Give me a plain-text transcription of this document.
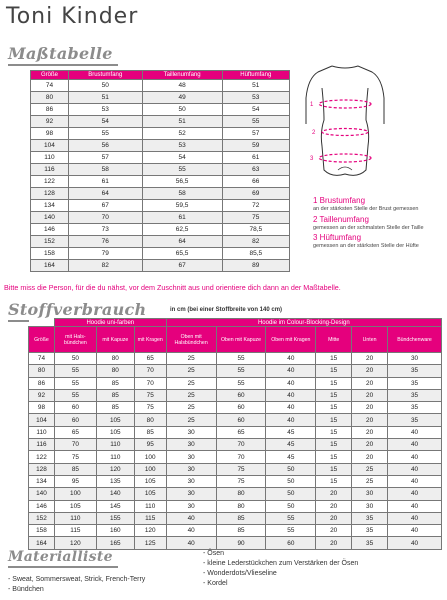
Toni Kinder
Maßtabelle
Größe	Brustumfang	Taillenumfang	Hüftumfang
74	50	48	51
80	51	49	53
86	53	50	54
92	54	51	55
98	55	52	57
104	56	53	59
110	57	54	61
116	58	55	63
122	61	56,5	66
128	64	58	69
134	67	59,5	72
140	70	61	75
146	73	62,5	78,5
152	76	64	82
158	79	65,5	85,5
164	82	67	89
1
2
3
1 Brustumfang
an der stärksten Stelle der Brust gemessen
2 Taillenumfang
gemessen an der schmalsten Stelle der Taille
3 Hüftumfang
gemessen an der stärksten Stelle der Hüfte
Bitte miss die Person, für die du nähst, vor dem Zuschnitt aus und orientiere dich dann an der Maßtabelle.
Stoffverbrauch	in cm (bei einer Stoffbreite von 140 cm)
	Hoodie uni-farben			Hoodie im Colour-Blocking-Design					
Größe	mit Hals-bündchen	mit Kapuze	mit Kragen	Oben mit Halsbündchen	Oben mit Kapuze	Oben mit Kragen	Mitte	Unten	Bündchenware
74	50	80	65	25	55	40	15	20	30
80	55	80	70	25	55	40	15	20	35
86	55	85	70	25	55	40	15	20	35
92	55	85	75	25	60	40	15	20	35
98	60	85	75	25	60	40	15	20	35
104	60	105	80	25	60	40	15	20	35
110	65	105	85	30	65	45	15	20	40
116	70	110	95	30	70	45	15	20	40
122	75	110	100	30	70	45	15	20	40
128	85	120	100	30	75	50	15	25	40
134	95	135	105	30	75	50	15	25	40
140	100	140	105	30	80	50	20	30	40
146	105	145	110	30	80	50	20	30	40
152	110	155	115	40	85	55	20	35	40
158	115	160	120	40	85	55	20	35	40
164	120	165	125	40	90	60	20	35	40
Materialliste
- Sweat, Sommersweat, Strick, French-Terry
- Bündchen
- Ösen
- kleine Lederstückchen zum Verstärken der Ösen
- Wonderdots/Vlieseline
- Kordel
